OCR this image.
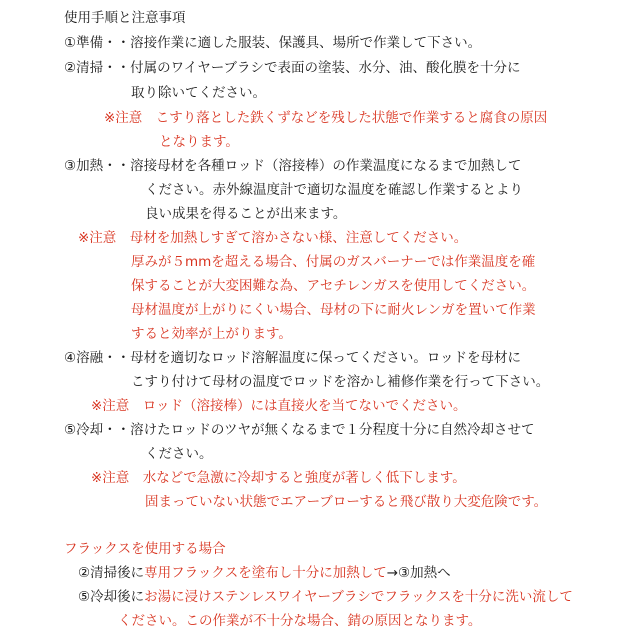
使用手順と注意事項
①準備・・溶接作業に適した服装、保護具、場所で作業して下さい。
②清掃・・付属のワイヤーブラシで表面の塗装、水分、油、酸化膜を十分に
取り除いてください。
※注意　こすり落とした鉄くずなどを残した状態で作業すると腐食の原因
となります。
③加熱・・溶接母材を各種ロッド（溶接棒）の作業温度になるまで加熱して
ください。赤外線温度計で適切な温度を確認し作業するとより
良い成果を得ることが出来ます。
※注意　母材を加熱しすぎて溶かさない様、注意してください。
厚みが５mmを超える場合、付属のガスバーナーでは作業温度を確
保することが大変困難な為、アセチレンガスを使用してください。
母材温度が上がりにくい場合、母材の下に耐火レンガを置いて作業
すると効率が上がります。
④溶融・・母材を適切なロッド溶解温度に保ってください。ロッドを母材に
こすり付けて母材の温度でロッドを溶かし補修作業を行って下さい。
※注意　ロッド（溶接棒）には直接火を当てないでください。
⑤冷却・・溶けたロッドのツヤが無くなるまで１分程度十分に自然冷却させて
ください。
※注意　水などで急激に冷却すると強度が著しく低下します。
固まっていない状態でエアーブローすると飛び散り大変危険です。
フラックスを使用する場合
②清掃後に専用フラックスを塗布し十分に加熱して→③加熱へ
⑤冷却後にお湯に浸けステンレスワイヤーブラシでフラックスを十分に洗い流して
ください。この作業が不十分な場合、錆の原因となります。
